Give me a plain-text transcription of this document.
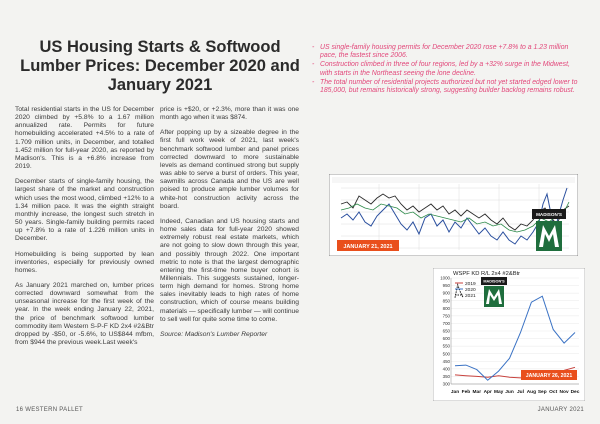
US Housing Starts & Softwood Lumber Prices: December 2020 and January 2021

Total residential starts in the US for December 2020 climbed by +5.8% to a 1.67 million annualized rate. Permits for future homebuilding accelerated +4.5% to a rate of 1.709 million units, in December, and totalled 1.452 million for full-year 2020, as reported by Madison's. This is a +6.8% increase from 2019.

December starts of single-family housing, the largest share of the market and construction which uses the most wood, climbed +12% to a 1.34 million pace. It was the eighth straight monthly increase, the longest such stretch in 50 years. Single-family building permits raced up +7.8% to a rate of 1.226 million units in December.

Homebuilding is being supported by lean inventories, especially for previously owned homes.

As January 2021 marched on, lumber prices corrected downward somewhat from the unseasonal increase for the first week of the year. In the week ending January 22, 2021, the price of benchmark softwood lumber commodity item Western S-P-F KD 2x4 #2&Btr dropped by -$50, or -5.6%, to US$844 mfbm, from $944 the previous week.Last week's

price is +$20, or +2.3%, more than it was one month ago when it was $874.

After popping up by a sizeable degree in the first full work week of 2021, last week's benchmark softwood lumber and panel prices corrected downward to more sustainable levels as demand continued strong but supply was able to serve a burst of orders. This year, sawmills across Canada and the US are well poised to produce ample lumber volumes for white-hot construction activity across the board.

Indeed, Canadian and US housing starts and home sales data for full-year 2020 showed extremely robust real estate markets, which are not going to slow down through this year, and possibly through 2022. One important metric to note is that the largest demographic entering the first-time home buyer cohort is Millennials. This suggests sustained, longer-term high demand for homes. Strong home sales inevitably leads to high rates of home construction, which of course means building materials — specifically lumber — will continue to sell well for quite some time to come.

Source: Madison's Lumber Reporter

- US single-family housing permits for December 2020 rose +7.8% to a 1.23 million pace, the fastest since 2006.
- Construction climbed in three of four regions, led by a +32% surge in the Midwest, with starts in the Northeast seeing the lone decline.
- The total number of residential projects authorized but not yet started edged lower to 185,000, but remains historically strong, suggesting builder backlog remains robust.
JANUARY 21, 2021
MADISON'S
WSPF KD R/L 2x4 #2&Btr
1000
950
900
850
800
750
700
650
600
550
500
450
400
350
300
Jan Feb Mar Apr May Jun Jul Aug Sep Oct Nov Dec
2019
2020
2021
MADISON'S
JANUARY 26, 2021
16 WESTERN PALLET	JANUARY 2021
